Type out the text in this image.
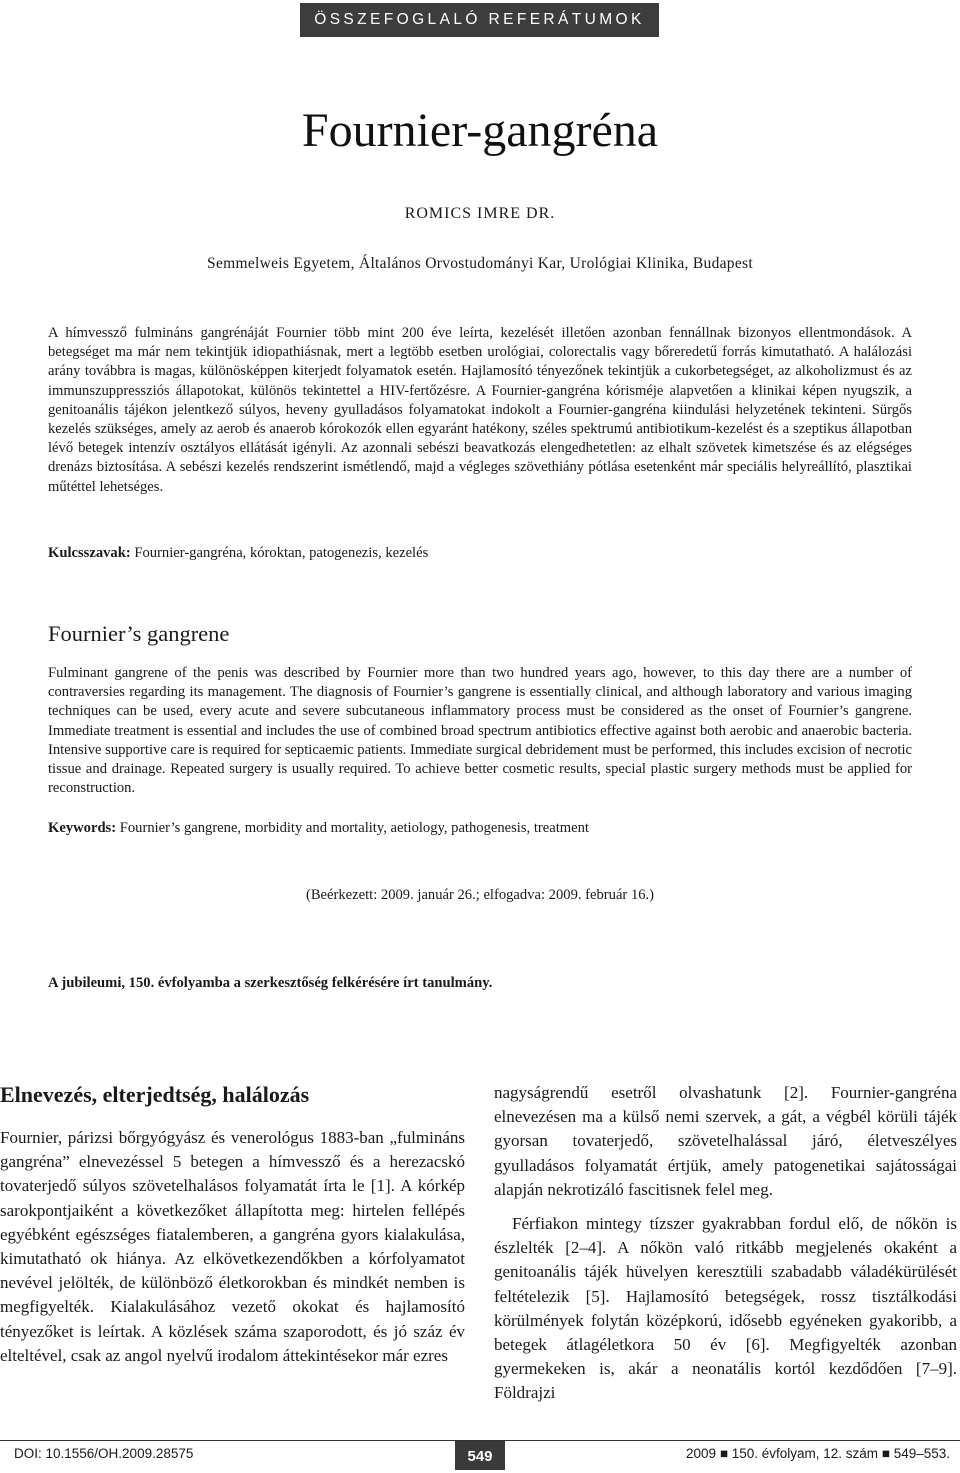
ÖSSZEFOGLALÓ REFERÁTUMOK
Fournier-gangréna
ROMICS IMRE DR.
Semmelweis Egyetem, Általános Orvostudományi Kar, Urológiai Klinika, Budapest

A hímvessző fulmináns gangrénáját Fournier több mint 200 éve leírta, kezelését illetően azonban fennállnak bizonyos ellentmondások. A betegséget ma már nem tekintjük idiopathiásnak, mert a legtöbb esetben urológiai, colorectalis vagy bőreredetű forrás kimutatható. A halálozási arány továbbra is magas, különösképpen kiterjedt folyamatok esetén. Hajlamosító tényezőnek tekintjük a cukorbetegséget, az alkoholizmust és az immunszuppressziós állapotokat, különös tekintettel a HIV-fertőzésre. A Fournier-gangréna kórisméje alapvetően a klinikai képen nyugszik, a genitoanális tájékon jelentkező súlyos, heveny gyulladásos folyamatokat indokolt a Fournier-gangréna kiindulási helyzetének tekinteni. Sürgős kezelés szükséges, amely az aerob és anaerob kórokozók ellen egyaránt hatékony, széles spektrumú antibiotikum-kezelést és a szeptikus állapotban lévő betegek intenzív osztályos ellátását igényli. Az azonnali sebészi beavatkozás elengedhetetlen: az elhalt szövetek kimetszése és az elégséges drenázs biztosítása. A sebészi kezelés rendszerint ismétlendő, majd a végleges szövethiány pótlása esetenként már speciális helyreállító, plasztikai műtéttel lehetséges.

Kulcsszavak: Fournier-gangréna, kóroktan, patogenezis, kezelés

Fournier’s gangrene

Fulminant gangrene of the penis was described by Fournier more than two hundred years ago, however, to this day there are a number of contraversies regarding its management. The diagnosis of Fournier’s gangrene is essentially clinical, and although laboratory and various imaging techniques can be used, every acute and severe subcutaneous inflammatory process must be considered as the onset of Fournier’s gangrene. Immediate treatment is essential and includes the use of combined broad spectrum antibiotics effective against both aerobic and anaerobic bacteria. Intensive supportive care is required for septicaemic patients. Immediate surgical debridement must be performed, this includes excision of necrotic tissue and drainage. Repeated surgery is usually required. To achieve better cosmetic results, special plastic surgery methods must be applied for reconstruction.

Keywords: Fournier’s gangrene, morbidity and mortality, aetiology, pathogenesis, treatment

(Beérkezett: 2009. január 26.; elfogadva: 2009. február 16.)
A jubileumi, 150. évfolyamba a szerkesztőség felkérésére írt tanulmány.
Elnevezés, elterjedtség, halálozás

Fournier, párizsi bőrgyógyász és venerológus 1883-ban „fulmináns gangréna” elnevezéssel 5 betegen a hímvessző és a herezacskó tovaterjedő súlyos szövetelhalásos folyamatát írta le [1]. A kórkép sarokpontjaiként a következőket állapította meg: hirtelen fellépés egyébként egészséges fiatalemberen, a gangréna gyors kialakulása, kimutatható ok hiánya. Az elkövetkezendőkben a kórfolyamatot nevével jelölték, de különböző életkorokban és mindkét nemben is megfigyelték. Kialakulásához vezető okokat és hajlamosító tényezőket is leírtak. A közlések száma szaporodott, és jó száz év elteltével, csak az angol nyelvű irodalom áttekintésekor már ezres

nagyságrendű esetről olvashatunk [2]. Fournier-gangréna elnevezésen ma a külső nemi szervek, a gát, a végbél körüli tájék gyorsan tovaterjedő, szövetelhalással járó, életveszélyes gyulladásos folyamatát értjük, amely patogenetikai sajátosságai alapján nekrotizáló fascitisnek felel meg.

Férfiakon mintegy tízszer gyakrabban fordul elő, de nőkön is észlelték [2–4]. A nőkön való ritkább megjelenés okaként a genitoanális tájék hüvelyen keresztüli szabadabb váladékürülését feltételezik [5]. Hajlamosító betegségek, rossz tisztálkodási körülmények folytán középkorú, idősebb egyéneken gyakoribb, a betegek átlagéletkora 50 év [6]. Megfigyelték azonban gyermekeken is, akár a neonatális kortól kezdődően [7–9]. Földrajzi

DOI: 10.1556/OH.2009.28575	549	2009 ■ 150. évfolyam, 12. szám ■ 549–553.
